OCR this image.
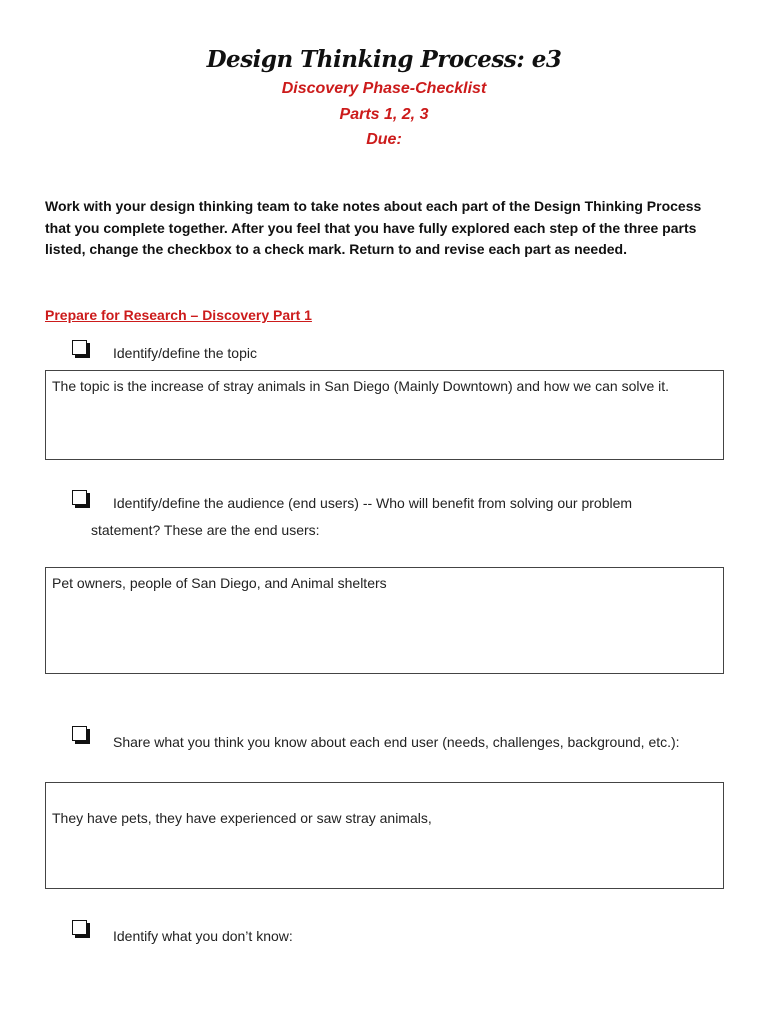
Design Thinking Process: e3
Discovery Phase-Checklist
Parts 1, 2, 3
Due:
Work with your design thinking team to take notes about each part of the Design Thinking Process that you complete together. After you feel that you have fully explored each step of the three parts listed, change the checkbox to a check mark. Return to and revise each part as needed.
Prepare for Research – Discovery Part 1
Identify/define the topic
The topic is the increase of stray animals in San Diego (Mainly Downtown) and how we can solve it.
Identify/define the audience (end users) -- Who will benefit from solving our problem
statement? These are the end users:
Pet owners, people of San Diego, and Animal shelters
Share what you think you know about each end user (needs, challenges, background, etc.):
They have pets, they have experienced or saw stray animals,
Identify what you don’t know:
